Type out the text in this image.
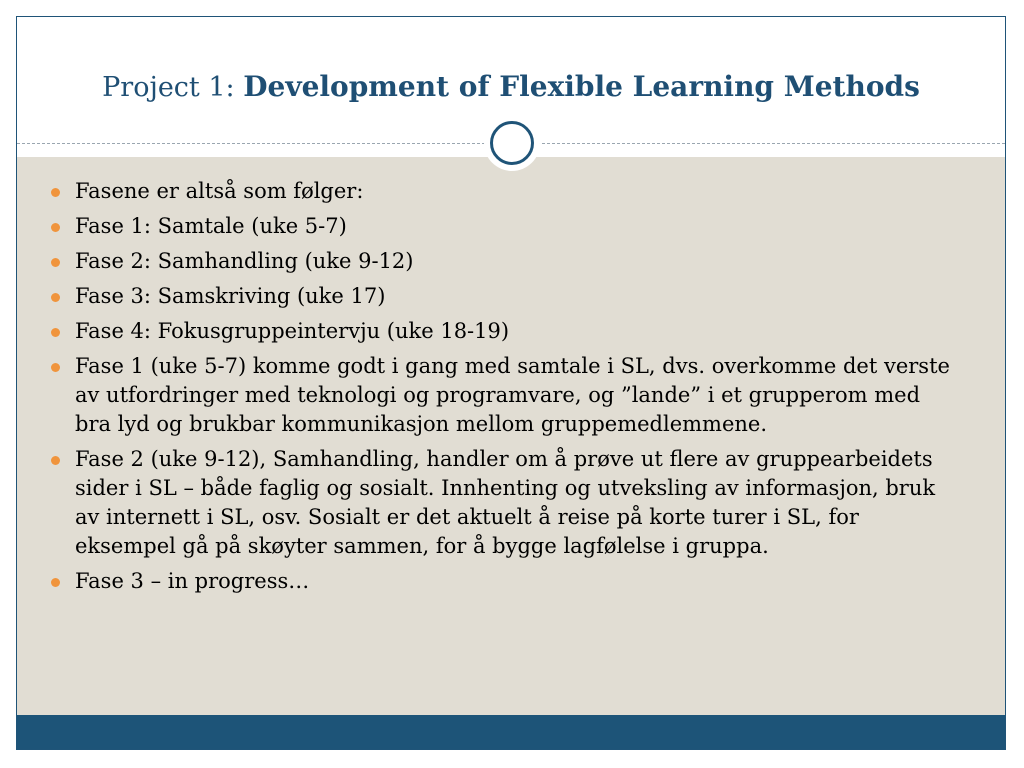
Project 1: Development of Flexible Learning Methods
Fasene er altså som følger:
Fase 1: Samtale (uke 5-7)
Fase 2: Samhandling (uke 9-12)
Fase 3: Samskriving (uke 17)
Fase 4: Fokusgruppeintervju (uke 18-19)
Fase 1 (uke 5-7) komme godt i gang med samtale i SL, dvs. overkomme det verste av utfordringer med teknologi og programvare, og ”lande” i et grupperom med bra lyd og brukbar kommunikasjon mellom gruppemedlemmene.
Fase 2 (uke 9-12), Samhandling, handler om å prøve ut flere av gruppearbeidets sider i SL – både faglig og sosialt. Innhenting og utveksling av informasjon, bruk av internett i SL, osv. Sosialt er det aktuelt å reise på korte turer i SL, for eksempel gå på skøyter sammen, for å bygge lagfølelse i gruppa.
Fase 3 – in progress…
